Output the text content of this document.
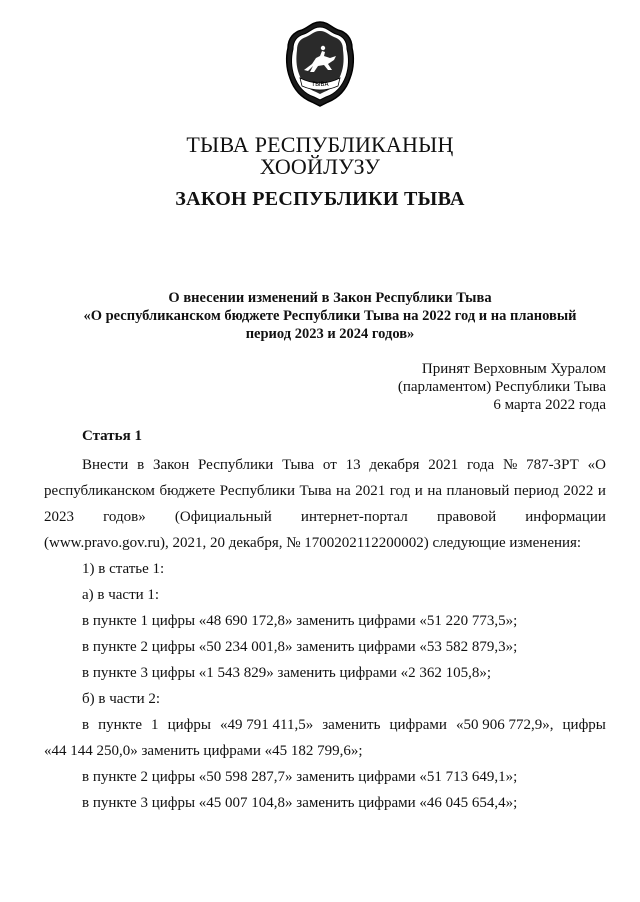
ТЫВА
ТЫВА РЕСПУБЛИКАНЫҢ
ХООЙЛУЗУ
ЗАКОН РЕСПУБЛИКИ ТЫВА
О внесении изменений в Закон Республики Тыва
«О республиканском бюджете Республики Тыва на 2022 год и на плановый
период 2023 и 2024 годов»
Принят Верховным Хуралом
(парламентом) Республики Тыва
6 марта 2022 года
Статья 1
Внести в Закон Республики Тыва от 13 декабря 2021 года № 787-ЗРТ «О
республиканском бюджете Республики Тыва на 2021 год и на плановый период 2022 и
2023 годов» (Официальный интернет-портал правовой информации
(www.pravo.gov.ru), 2021, 20 декабря, № 1700202112200002) следующие изменения:
1) в статье 1:
а) в части 1:
в пункте 1 цифры «48 690 172,8» заменить цифрами «51 220 773,5»;
в пункте 2 цифры «50 234 001,8» заменить цифрами «53 582 879,3»;
в пункте 3 цифры «1 543 829» заменить цифрами «2 362 105,8»;
б) в части 2:
в пункте 1 цифры «49 791 411,5» заменить цифрами «50 906 772,9», цифры
«44 144 250,0» заменить цифрами «45 182 799,6»;
в пункте 2 цифры «50 598 287,7» заменить цифрами «51 713 649,1»;
в пункте 3 цифры «45 007 104,8» заменить цифрами «46 045 654,4»;
